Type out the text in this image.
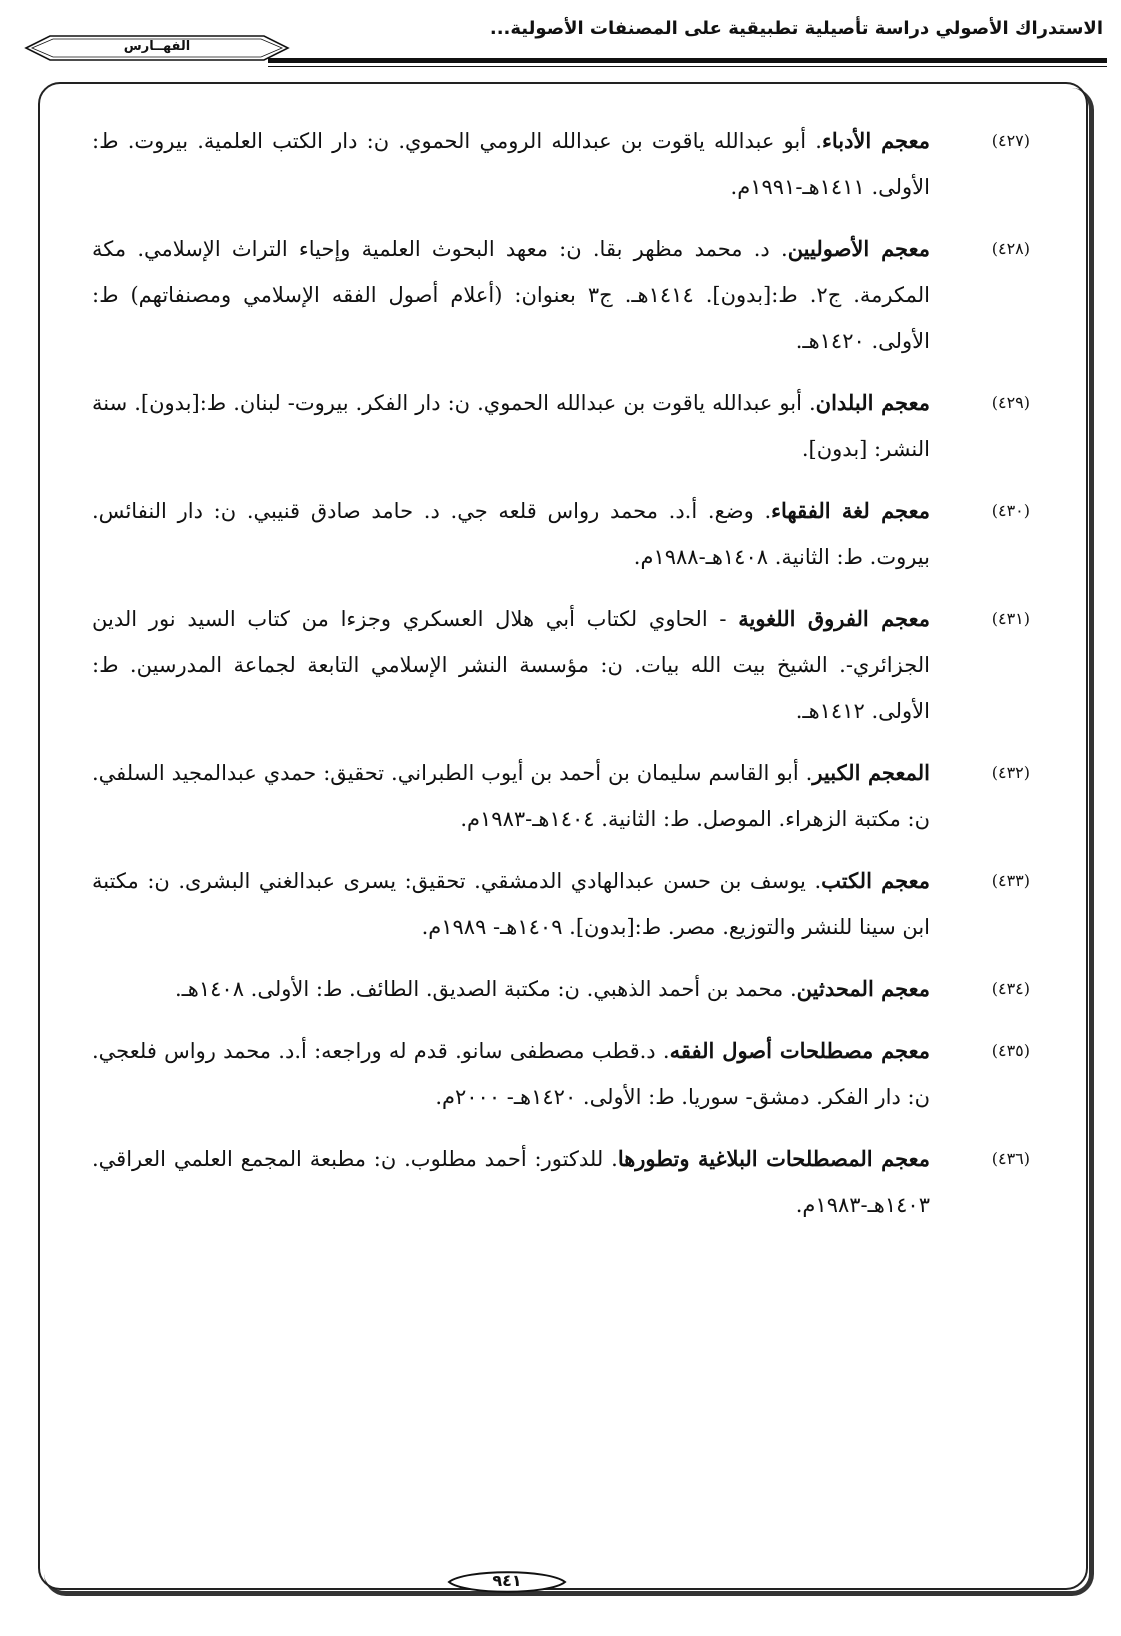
الاستدراك الأصولي دراسة تأصيلية تطبيقية على المصنفات الأصولية...
الفهــارس
(٤٢٧)
معجم الأدباء. أبو عبدالله ياقوت بن عبدالله الرومي الحموي. ن: دار الكتب العلمية. بيروت. ط: الأولى. ١٤١١هـ-١٩٩١م.
(٤٢٨)
معجم الأصوليين. د. محمد مظهر بقا. ن: معهد البحوث العلمية وإحياء التراث الإسلامي. مكة المكرمة. ج٢. ط:[بدون]. ١٤١٤هـ. ج٣ بعنوان: (أعلام أصول الفقه الإسلامي ومصنفاتهم) ط: الأولى. ١٤٢٠هـ.
(٤٢٩)
معجم البلدان. أبو عبدالله ياقوت بن عبدالله الحموي. ن: دار الفكر. بيروت- لبنان. ط:[بدون]. سنة النشر: [بدون].
(٤٣٠)
معجم لغة الفقهاء. وضع. أ.د. محمد رواس قلعه جي. د. حامد صادق قنيبي. ن: دار النفائس. بيروت. ط: الثانية. ١٤٠٨هـ-١٩٨٨م.
(٤٣١)
معجم الفروق اللغوية - الحاوي لكتاب أبي هلال العسكري وجزءا من كتاب السيد نور الدين الجزائري-. الشيخ بيت الله بيات. ن: مؤسسة النشر الإسلامي التابعة لجماعة المدرسين. ط: الأولى. ١٤١٢هـ.
(٤٣٢)
المعجم الكبير. أبو القاسم سليمان بن أحمد بن أيوب الطبراني. تحقيق: حمدي عبدالمجيد السلفي. ن: مكتبة الزهراء. الموصل. ط: الثانية. ١٤٠٤هـ-١٩٨٣م.
(٤٣٣)
معجم الكتب. يوسف بن حسن عبدالهادي الدمشقي. تحقيق: يسرى عبدالغني البشرى. ن: مكتبة ابن سينا للنشر والتوزيع. مصر. ط:[بدون]. ١٤٠٩هـ- ١٩٨٩م.
(٤٣٤)
معجم المحدثين. محمد بن أحمد الذهبي. ن: مكتبة الصديق. الطائف. ط: الأولى. ١٤٠٨هـ.
(٤٣٥)
معجم مصطلحات أصول الفقه. د.قطب مصطفى سانو. قدم له وراجعه: أ.د. محمد رواس فلعجي. ن: دار الفكر. دمشق- سوريا. ط: الأولى. ١٤٢٠هـ- ٢٠٠٠م.
(٤٣٦)
معجم المصطلحات البلاغية وتطورها. للدكتور: أحمد مطلوب. ن: مطبعة المجمع العلمي العراقي. ١٤٠٣هـ-١٩٨٣م.
٩٤١
